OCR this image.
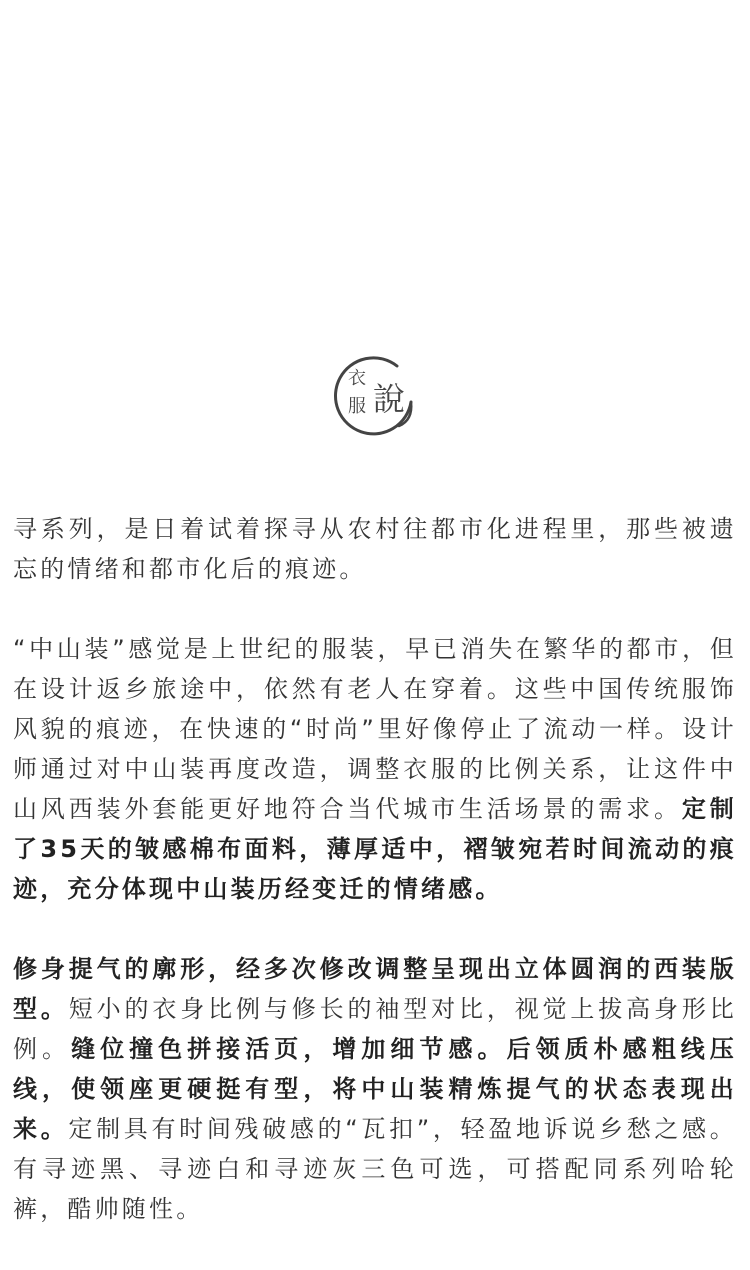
衣
服 說

寻系列，是日着试着探寻从农村往都市化进程里，那些被遗忘的情绪和都市化后的痕迹。

“中山装”感觉是上世纪的服装，早已消失在繁华的都市，但在设计返乡旅途中，依然有老人在穿着。这些中国传统服饰风貌的痕迹，在快速的“时尚”里好像停止了流动一样。设计师通过对中山装再度改造，调整衣服的比例关系，让这件中山风西装外套能更好地符合当代城市生活场景的需求。定制了35天的皱感棉布面料，薄厚适中，褶皱宛若时间流动的痕迹，充分体现中山装历经变迁的情绪感。

修身提气的廓形，经多次修改调整呈现出立体圆润的西装版型。短小的衣身比例与修长的袖型对比，视觉上拔高身形比例。缝位撞色拼接活页，增加细节感。后领质朴感粗线压线，使领座更硬挺有型，将中山装精炼提气的状态表现出来。定制具有时间残破感的“瓦扣”，轻盈地诉说乡愁之感。有寻迹黑、寻迹白和寻迹灰三色可选，可搭配同系列哈轮裤，酷帅随性。
